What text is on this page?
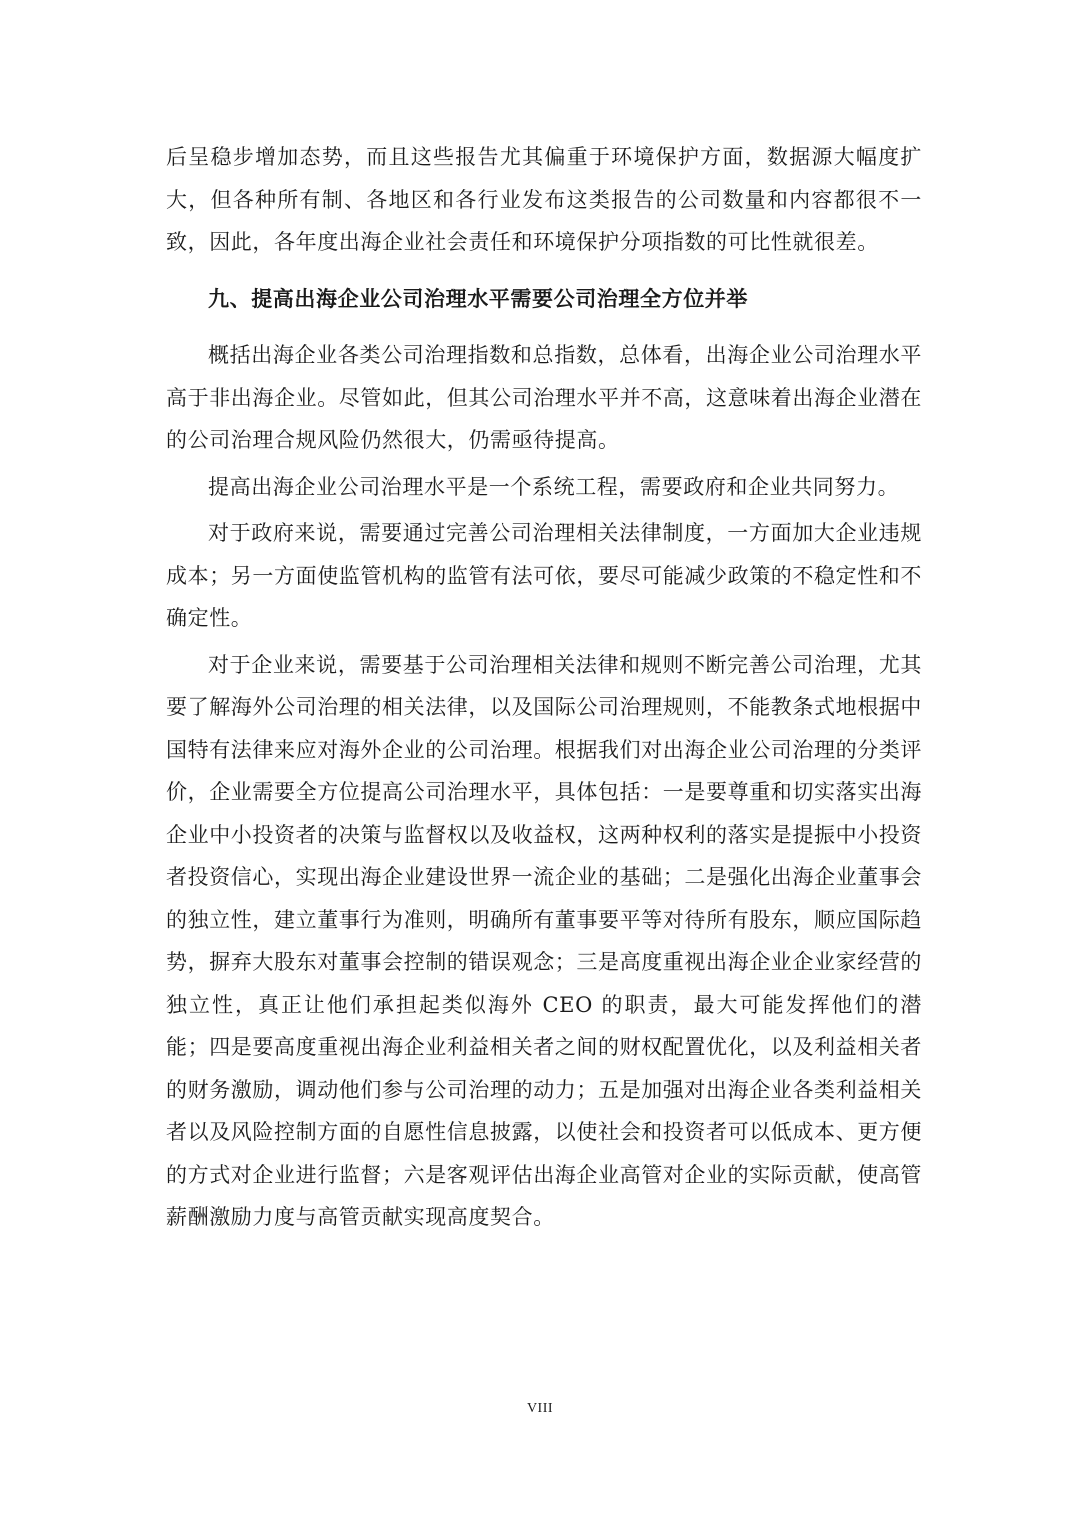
后呈稳步增加态势，而且这些报告尤其偏重于环境保护方面，数据源大幅度扩大，但各种所有制、各地区和各行业发布这类报告的公司数量和内容都很不一致，因此，各年度出海企业社会责任和环境保护分项指数的可比性就很差。

九、提高出海企业公司治理水平需要公司治理全方位并举

概括出海企业各类公司治理指数和总指数，总体看，出海企业公司治理水平高于非出海企业。尽管如此，但其公司治理水平并不高，这意味着出海企业潜在的公司治理合规风险仍然很大，仍需亟待提高。

提高出海企业公司治理水平是一个系统工程，需要政府和企业共同努力。

对于政府来说，需要通过完善公司治理相关法律制度，一方面加大企业违规成本；另一方面使监管机构的监管有法可依，要尽可能减少政策的不稳定性和不确定性。

对于企业来说，需要基于公司治理相关法律和规则不断完善公司治理，尤其要了解海外公司治理的相关法律，以及国际公司治理规则，不能教条式地根据中国特有法律来应对海外企业的公司治理。根据我们对出海企业公司治理的分类评价，企业需要全方位提高公司治理水平，具体包括：一是要尊重和切实落实出海企业中小投资者的决策与监督权以及收益权，这两种权利的落实是提振中小投资者投资信心，实现出海企业建设世界一流企业的基础；二是强化出海企业董事会的独立性，建立董事行为准则，明确所有董事要平等对待所有股东，顺应国际趋势，摒弃大股东对董事会控制的错误观念；三是高度重视出海企业企业家经营的独立性，真正让他们承担起类似海外 CEO 的职责，最大可能发挥他们的潜能；四是要高度重视出海企业利益相关者之间的财权配置优化，以及利益相关者的财务激励，调动他们参与公司治理的动力；五是加强对出海企业各类利益相关者以及风险控制方面的自愿性信息披露，以使社会和投资者可以低成本、更方便的方式对企业进行监督；六是客观评估出海企业高管对企业的实际贡献，使高管薪酬激励力度与高管贡献实现高度契合。

VIII
